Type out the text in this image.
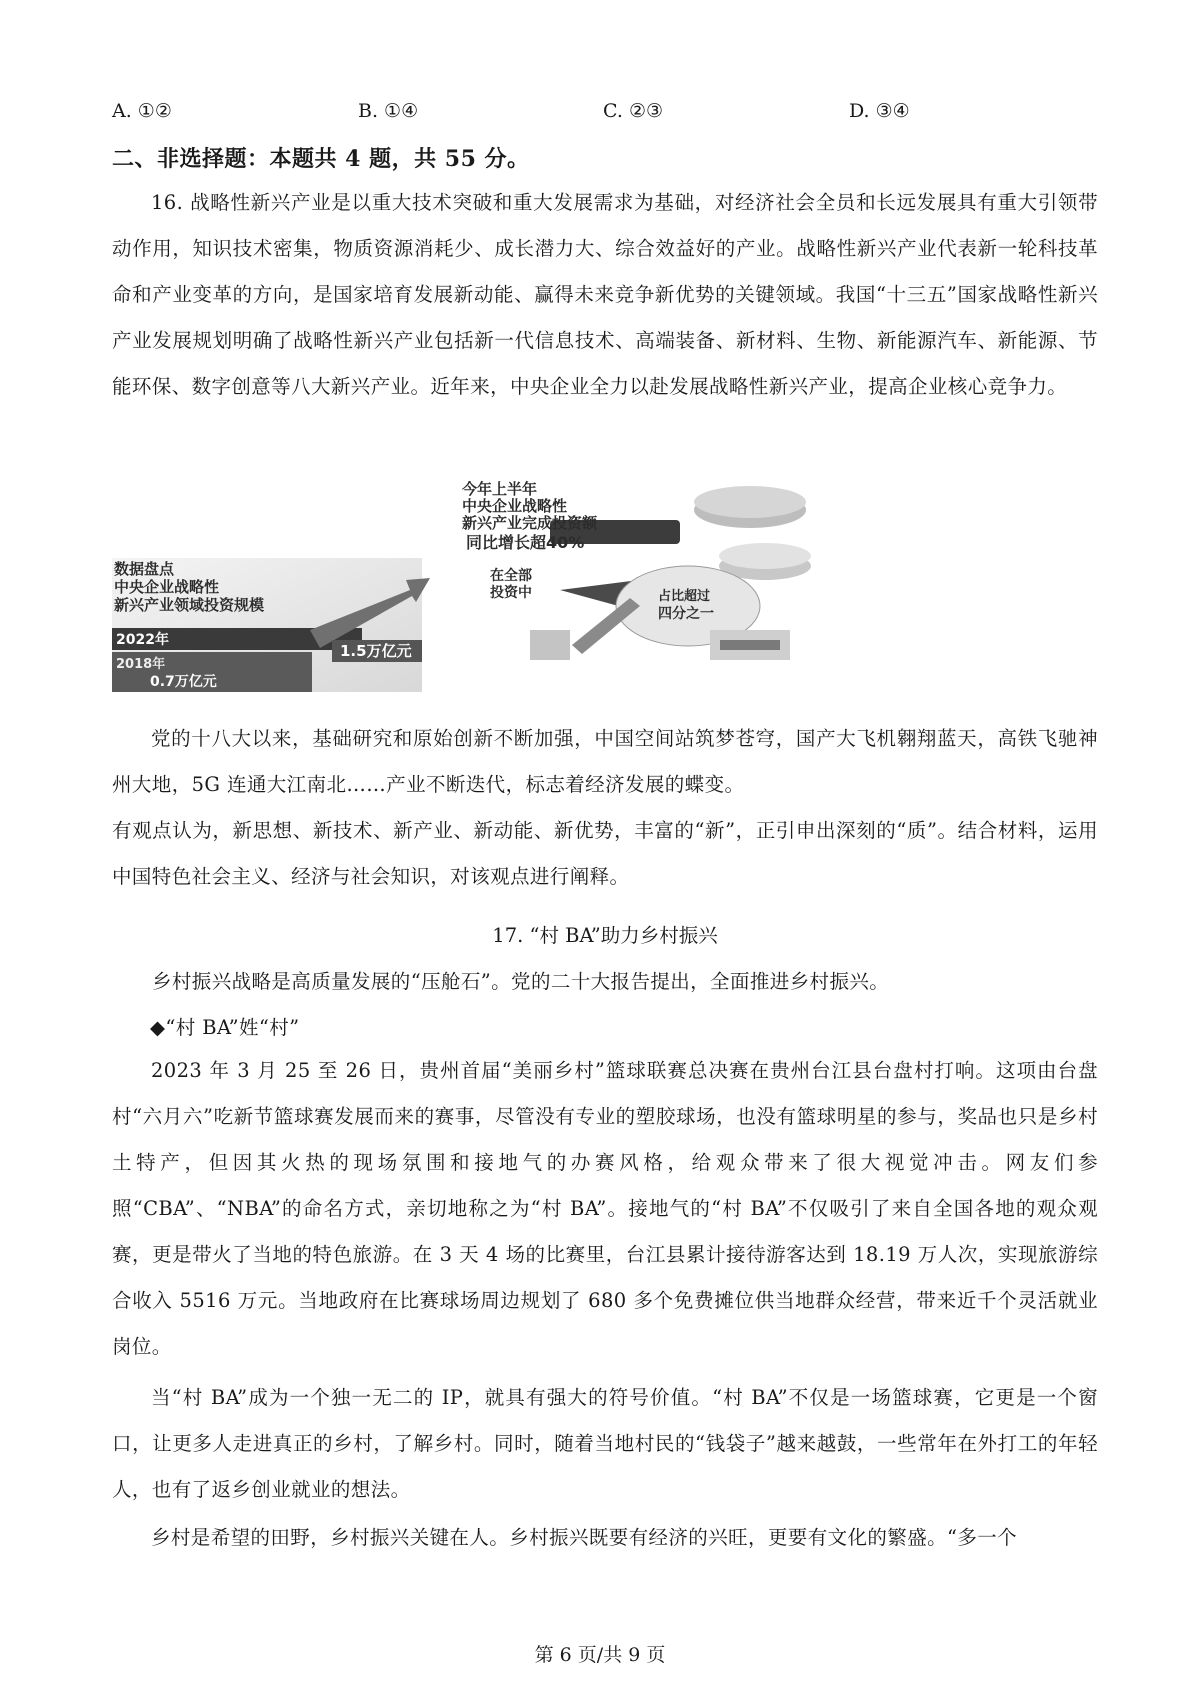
A. ①②	B. ①④	C. ②③	D. ③④
二、非选择题：本题共 4 题，共 55 分。
16. 战略性新兴产业是以重大技术突破和重大发展需求为基础，对经济社会全员和长远发展具有重大引领带动作用，知识技术密集，物质资源消耗少、成长潜力大、综合效益好的产业。战略性新兴产业代表新一轮科技革命和产业变革的方向，是国家培育发展新动能、赢得未来竞争新优势的关键领域。我国“十三五”国家战略性新兴产业发展规划明确了战略性新兴产业包括新一代信息技术、高端装备、新材料、生物、新能源汽车、新能源、节能环保、数字创意等八大新兴产业。近年来，中央企业全力以赴发展战略性新兴产业，提高企业核心竞争力。
数据盘点
中央企业战略性
新兴产业领域投资规模
2022年
1.5万亿元
2018年
0.7万亿元
今年上半年
中央企业战略性
新兴产业完成投资额
同比增长超40%
在全部
投资中	占比超过
四分之一
党的十八大以来，基础研究和原始创新不断加强，中国空间站筑梦苍穹，国产大飞机翱翔蓝天，高铁飞驰神州大地，5G 连通大江南北……产业不断迭代，标志着经济发展的蝶变。
有观点认为，新思想、新技术、新产业、新动能、新优势，丰富的“新”，正引申出深刻的“质”。结合材料，运用中国特色社会主义、经济与社会知识，对该观点进行阐释。
17. “村 BA”助力乡村振兴
乡村振兴战略是高质量发展的“压舱石”。党的二十大报告提出，全面推进乡村振兴。
◆“村 BA”姓“村”
2023 年 3 月 25 至 26 日，贵州首届“美丽乡村”篮球联赛总决赛在贵州台江县台盘村打响。这项由台盘村“六月六”吃新节篮球赛发展而来的赛事，尽管没有专业的塑胶球场，也没有篮球明星的参与，奖品也只是乡村土特产，但因其火热的现场氛围和接地气的办赛风格，给观众带来了很大视觉冲击。网友们参照“CBA”、“NBA”的命名方式，亲切地称之为“村 BA”。接地气的“村 BA”不仅吸引了来自全国各地的观众观赛，更是带火了当地的特色旅游。在 3 天 4 场的比赛里，台江县累计接待游客达到 18.19 万人次，实现旅游综合收入 5516 万元。当地政府在比赛球场周边规划了 680 多个免费摊位供当地群众经营，带来近千个灵活就业岗位。
当“村 BA”成为一个独一无二的 IP，就具有强大的符号价值。“村 BA”不仅是一场篮球赛，它更是一个窗口，让更多人走进真正的乡村，了解乡村。同时，随着当地村民的“钱袋子”越来越鼓，一些常年在外打工的年轻人，也有了返乡创业就业的想法。
乡村是希望的田野，乡村振兴关键在人。乡村振兴既要有经济的兴旺，更要有文化的繁盛。“多一个
第 6 页/共 9 页
